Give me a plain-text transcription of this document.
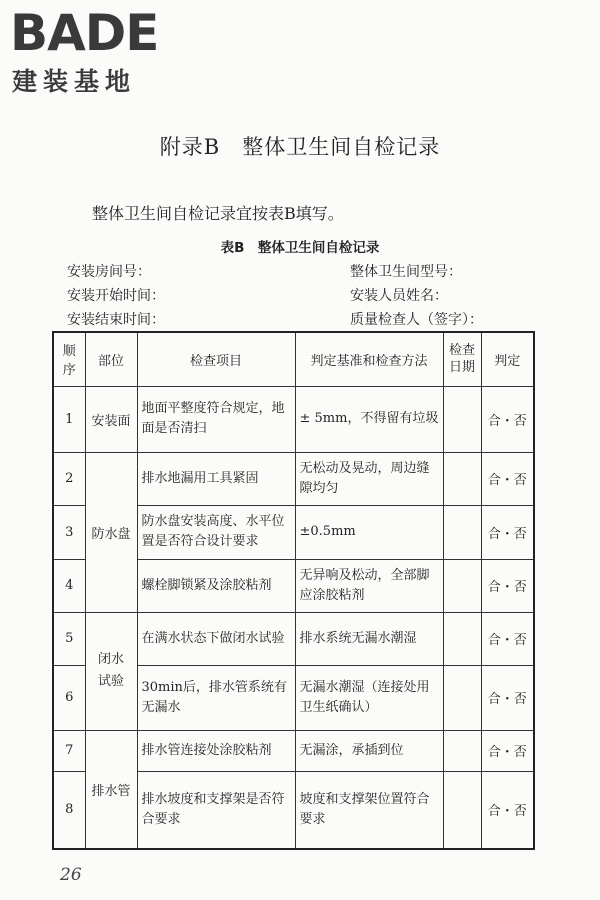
BADE
建装基地
附录B　整体卫生间自检记录
整体卫生间自检记录宜按表B填写。
表B　整体卫生间自检记录
安装房间号：	整体卫生间型号：
安装开始时间：	安装人员姓名：
安装结束时间：	质量检查人（签字）：
顺序	部位	检查项目	判定基准和检查方法	检查日期	判定
1	安装面	地面平整度符合规定，地面是否清扫	± 5mm，不得留有垃圾		合・否
2	防水盘	排水地漏用工具紧固	无松动及晃动，周边缝隙均匀		合・否
3		防水盘安装高度、水平位置是否符合设计要求	±0.5mm		合・否
4		螺栓脚锁紧及涂胶粘剂	无异响及松动，全部脚应涂胶粘剂		合・否
5	闭水试验	在满水状态下做闭水试验	排水系统无漏水潮湿		合・否
6		30min后，排水管系统有无漏水	无漏水潮湿（连接处用卫生纸确认）		合・否
7	排水管	排水管连接处涂胶粘剂	无漏涂，承插到位		合・否
8		排水坡度和支撑架是否符合要求	坡度和支撑架位置符合要求		合・否
26
